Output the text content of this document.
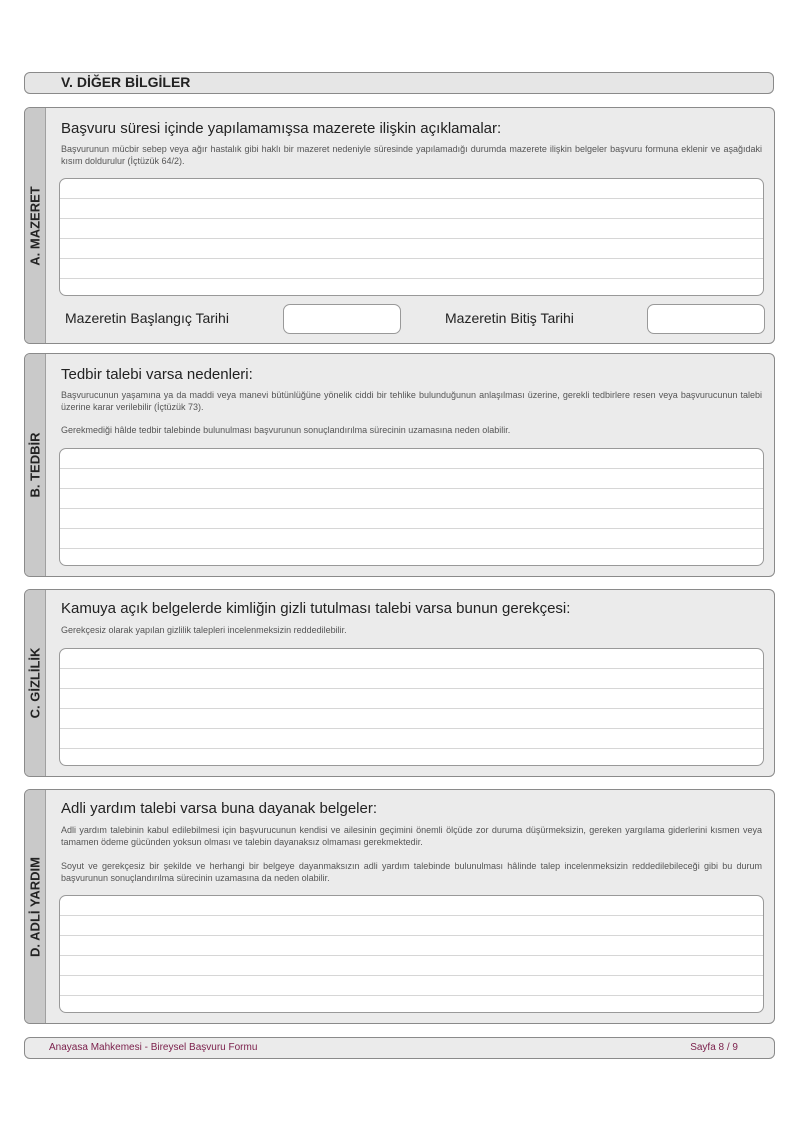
V. DİĞER BİLGİLER
A. MAZERET
Başvuru süresi içinde yapılamamışsa mazerete ilişkin açıklamalar:
Başvurunun mücbir sebep veya ağır hastalık gibi haklı bir mazeret nedeniyle süresinde yapılamadığı durumda mazerete ilişkin belgeler başvuru formuna eklenir ve aşağıdaki kısım doldurulur (İçtüzük 64/2).
Mazeretin Başlangıç Tarihi	Mazeretin Bitiş Tarihi
B. TEDBİR
Tedbir talebi varsa nedenleri:
Başvurucunun yaşamına ya da maddi veya manevi bütünlüğüne yönelik ciddi bir tehlike bulunduğunun anlaşılması üzerine, gerekli tedbirlere resen veya başvurucunun talebi üzerine karar verilebilir (İçtüzük 73).
Gerekmediği hâlde tedbir talebinde bulunulması başvurunun sonuçlandırılma sürecinin uzamasına neden olabilir.
C. GİZLİLİK
Kamuya açık belgelerde kimliğin gizli tutulması talebi varsa bunun gerekçesi:
Gerekçesiz olarak yapılan gizlilik talepleri incelenmeksizin reddedilebilir.
D. ADLİ YARDIM
Adli yardım talebi varsa buna dayanak belgeler:
Adli yardım talebinin kabul edilebilmesi için başvurucunun kendisi ve ailesinin geçimini önemli ölçüde zor duruma düşürmeksizin, gereken yargılama giderlerini kısmen veya tamamen ödeme gücünden yoksun olması ve talebin dayanaksız olmaması gerekmektedir.
Soyut ve gerekçesiz bir şekilde ve herhangi bir belgeye dayanmaksızın adli yardım talebinde bulunulması hâlinde talep incelenmeksizin reddedilebileceği gibi bu durum başvurunun sonuçlandırılma sürecinin uzamasına da neden olabilir.
Anayasa Mahkemesi - Bireysel Başvuru Formu	Sayfa 8 / 9
